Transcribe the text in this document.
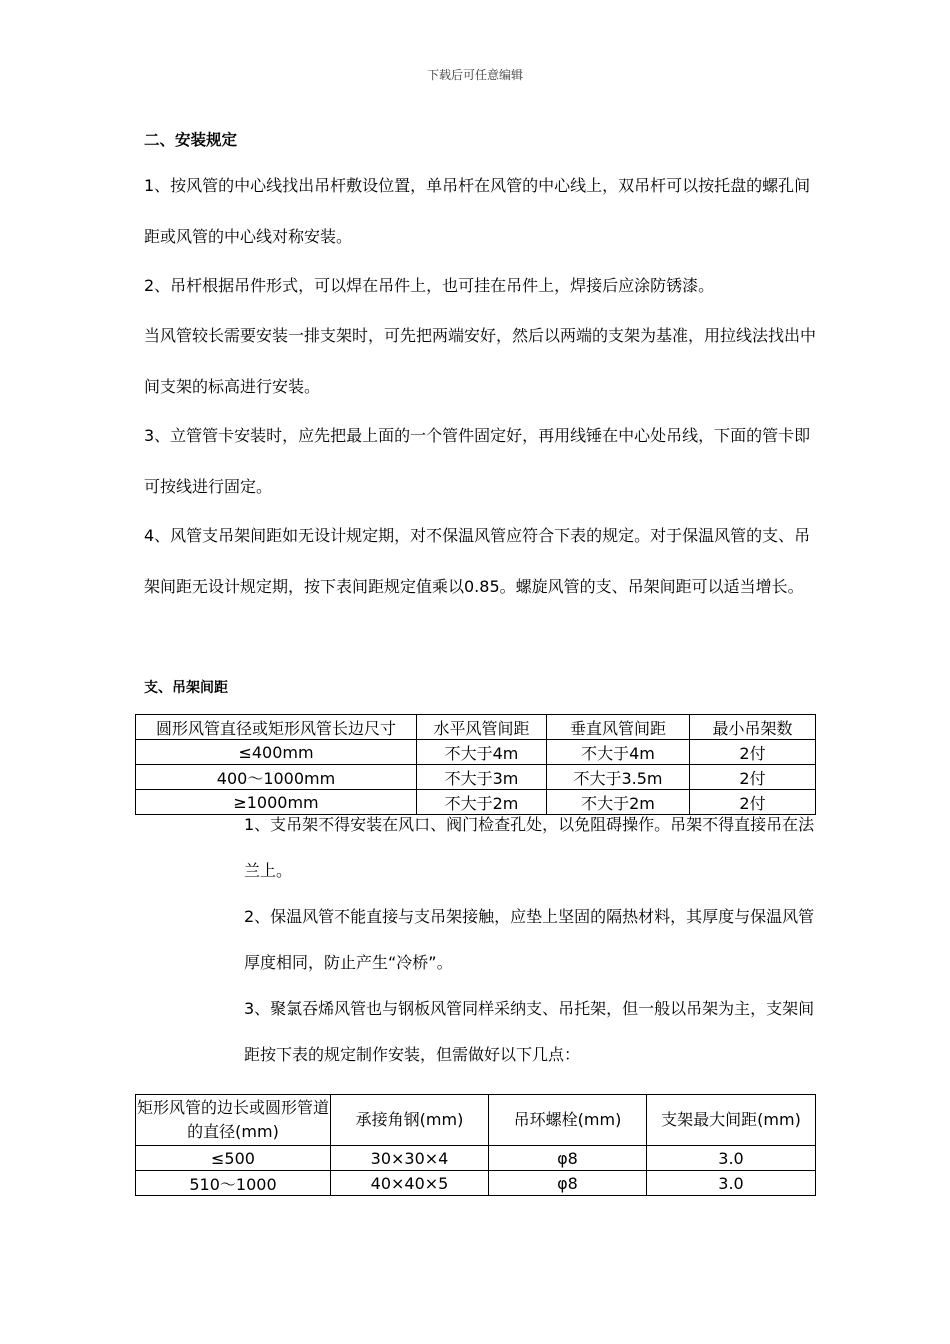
下载后可任意编辑
二、安装规定

1、按风管的中心线找出吊杆敷设位置，单吊杆在风管的中心线上，双吊杆可以按托盘的螺孔间距或风管的中心线对称安装。

2、吊杆根据吊件形式，可以焊在吊件上，也可挂在吊件上，焊接后应涂防锈漆。

当风管较长需要安装一排支架时，可先把两端安好，然后以两端的支架为基准，用拉线法找出中间支架的标高进行安装。

3、立管管卡安装时，应先把最上面的一个管件固定好，再用线锤在中心处吊线，下面的管卡即可按线进行固定。

4、风管支吊架间距如无设计规定期，对不保温风管应符合下表的规定。对于保温风管的支、吊架间距无设计规定期，按下表间距规定值乘以0.85。螺旋风管的支、吊架间距可以适当增长。

支、吊架间距
圆形风管直径或矩形风管长边尺寸	水平风管间距	垂直风管间距	最小吊架数
≤400mm	不大于4m	不大于4m	2付
400～1000mm	不大于3m	不大于3.5m	2付
≥1000mm	不大于2m	不大于2m	2付

1、支吊架不得安装在风口、阀门检查孔处，以免阻碍操作。吊架不得直接吊在法兰上。

2、保温风管不能直接与支吊架接触，应垫上坚固的隔热材料，其厚度与保温风管厚度相同，防止产生“冷桥”。

3、聚氯吞烯风管也与钢板风管同样采纳支、吊托架，但一般以吊架为主，支架间距按下表的规定制作安装，但需做好以下几点：

矩形风管的边长或圆形管道的直径(mm)	承接角钢(mm)	吊环螺栓(mm)	支架最大间距(mm)
≤500	30×30×4	φ8	3.0
510～1000	40×40×5	φ8	3.0
